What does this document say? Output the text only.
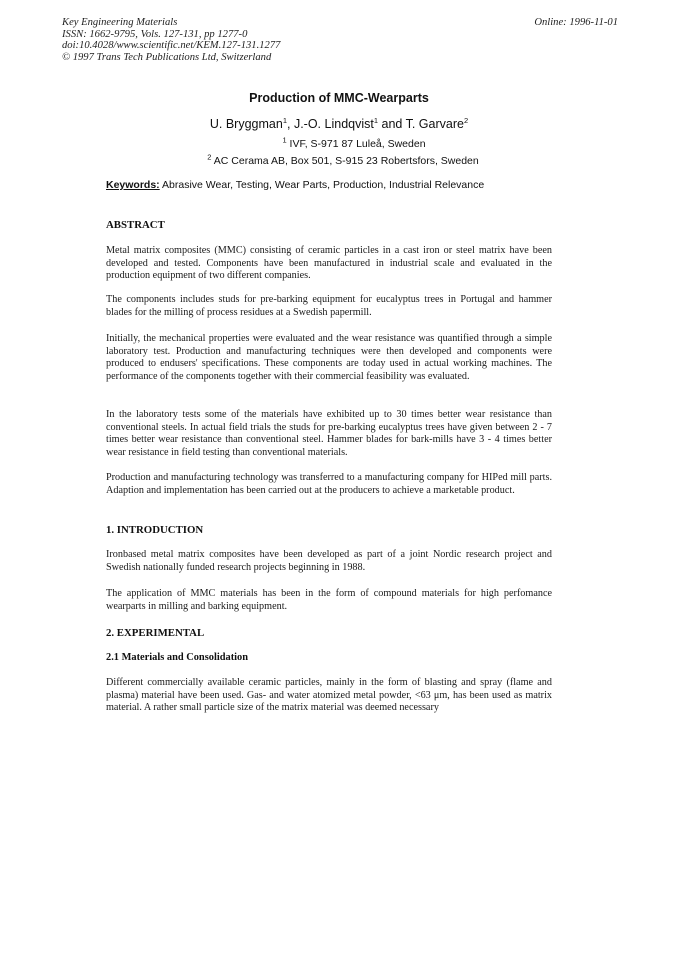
Key Engineering Materials
ISSN: 1662-9795, Vols. 127-131, pp 1277-0
doi:10.4028/www.scientific.net/KEM.127-131.1277
© 1997 Trans Tech Publications Ltd, Switzerland
Online: 1996-11-01
Production of MMC-Wearparts
U. Bryggman$^1$, J.-O. Lindqvist$^1$ and T. Garvare$^2$
$^1$ IVF, S-971 87 Luleå, Sweden
$^2$ AC Cerama AB, Box 501, S-915 23 Robertsfors, Sweden
Keywords: Abrasive Wear, Testing, Wear Parts, Production, Industrial Relevance
ABSTRACT

Metal matrix composites (MMC) consisting of ceramic particles in a cast iron or steel matrix have been developed and tested. Components have been manufactured in industrial scale and evaluated in the production equipment of two different companies.

The components includes studs for pre-barking equipment for eucalyptus trees in Portugal and hammer blades for the milling of process residues at a Swedish papermill.

Initially, the mechanical properties were evaluated and the wear resistance was quantified through a simple laboratory test. Production and manufacturing techniques were then developed and components were produced to endusers' specifications. These components are today used in actual working machines. The performance of the components together with their commercial feasibility was evaluated.

In the laboratory tests some of the materials have exhibited up to 30 times better wear resistance than conventional steels. In actual field trials the studs for pre-barking eucalyptus trees have given between 2 - 7 times better wear resistance than conventional steel. Hammer blades for bark-mills have 3 - 4 times better wear resistance in field testing than conventional materials.

Production and manufacturing technology was transferred to a manufacturing company for HIPed mill parts. Adaption and implementation has been carried out at the producers to achieve a marketable product.

1. INTRODUCTION

Ironbased metal matrix composites have been developed as part of a joint Nordic research project and Swedish nationally funded research projects beginning in 1988.

The application of MMC materials has been in the form of compound materials for high perfomance wearparts in milling and barking equipment.

2. EXPERIMENTAL
2.1 Materials and Consolidation

Different commercially available ceramic particles, mainly in the form of blasting and spray (flame and plasma) material have been used. Gas- and water atomized metal powder, <63 μm, has been used as matrix material. A rather small particle size of the matrix material was deemed necessary
